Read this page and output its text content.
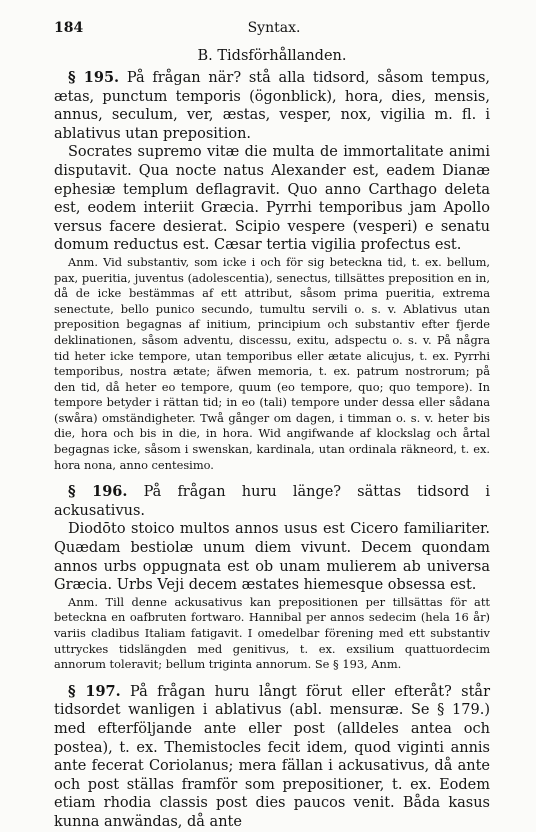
184	Syntax.
B. Tidsförhållanden.

§ 195. På frågan när? stå alla tidsord, såsom tempus, ætas, punctum temporis (ögonblick), hora, dies, mensis, annus, seculum, ver, æstas, vesper, nox, vigilia m. fl. i ablativus utan preposition.

Socrates supremo vitæ die multa de immortalitate animi disputavit. Qua nocte natus Alexander est, eadem Dianæ ephesiæ templum deflagravit. Quo anno Carthago deleta est, eodem interiit Græcia. Pyrrhi temporibus jam Apollo versus facere desierat. Scipio vespere (vesperi) e senatu domum reductus est. Cæsar tertia vigilia profectus est.

Anm. Vid substantiv, som icke i och för sig beteckna tid, t. ex. bellum, pax, pueritia, juventus (adolescentia), senectus, tillsättes preposition en in, då de icke bestämmas af ett attribut, såsom prima pueritia, extrema senectute, bello punico secundo, tumultu servili o. s. v. Ablativus utan preposition begagnas af initium, principium och substantiv efter fjerde deklinationen, såsom adventu, discessu, exitu, adspectu o. s. v. På några tid heter icke tempore, utan temporibus eller ætate alicujus, t. ex. Pyrrhi temporibus, nostra ætate; äfwen memoria, t. ex. patrum nostrorum; på den tid, då heter eo tempore, quum (eo tempore, quo; quo tempore). In tempore betyder i rättan tid; in eo (tali) tempore under dessa eller sådana (swåra) omständigheter. Twå gånger om dagen, i timman o. s. v. heter bis die, hora och bis in die, in hora. Wid angifwande af klockslag och årtal begagnas icke, såsom i swenskan, kardinala, utan ordinala räkneord, t. ex. hora nona, anno centesimo.

§ 196. På frågan huru länge? sättas tidsord i ackusativus.

Diodōto stoico multos annos usus est Cicero familiariter. Quædam bestiolæ unum diem vivunt. Decem quondam annos urbs oppugnata est ob unam mulierem ab universa Græcia. Urbs Veji decem æstates hiemesque obsessa est.

Anm. Till denne ackusativus kan prepositionen per tillsättas för att beteckna en oafbruten fortwaro. Hannibal per annos sedecim (hela 16 år) variis cladibus Italiam fatigavit. I omedelbar förening med ett substantiv uttryckes tidslängden med genitivus, t. ex. exsilium quattuordecim annorum toleravit; bellum triginta annorum. Se § 193, Anm.

§ 197. På frågan huru långt förut eller efteråt? står tidsordet wanligen i ablativus (abl. mensuræ. Se § 179.) med efterföljande ante eller post (alldeles antea och postea), t. ex. Themistocles fecit idem, quod viginti annis ante fecerat Coriolanus; mera fällan i ackusativus, då ante och post ställas framför som prepositioner, t. ex. Eodem etiam rhodia classis post dies paucos venit. Båda kasus kunna anwändas, då ante
